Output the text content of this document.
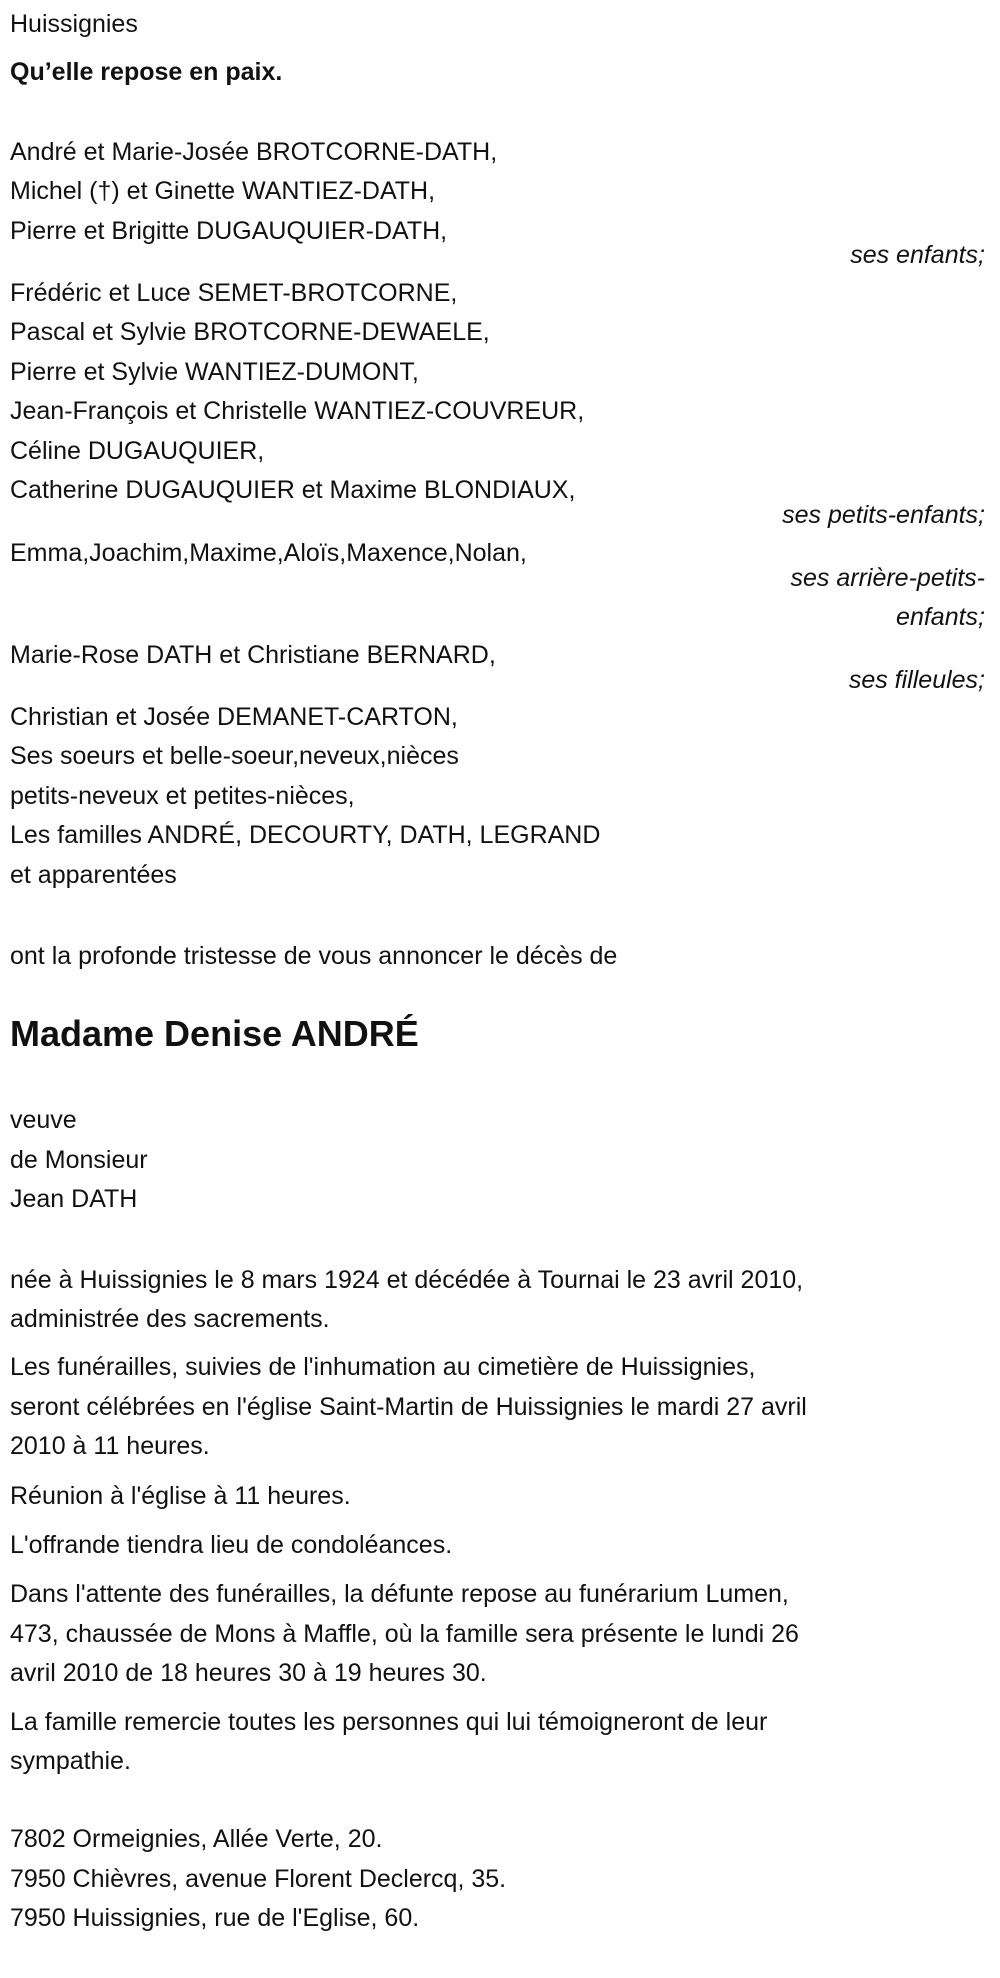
Huissignies
Qu’elle repose en paix.
André et Marie-Josée BROTCORNE-DATH,
Michel (†) et Ginette WANTIEZ-DATH,
Pierre et Brigitte DUGAUQUIER-DATH,
Frédéric et Luce SEMET-BROTCORNE,
Pascal et Sylvie BROTCORNE-DEWAELE,
Pierre et Sylvie WANTIEZ-DUMONT,
Jean-François et Christelle WANTIEZ-COUVREUR,
Céline DUGAUQUIER,
Catherine DUGAUQUIER et Maxime BLONDIAUX,
Emma,Joachim,Maxime,Aloïs,Maxence,Nolan,
Marie-Rose DATH et Christiane BERNARD,
Christian et Josée DEMANET-CARTON,
Ses soeurs et belle-soeur,neveux,nièces
petits-neveux et petites-nièces,
Les familles ANDRÉ, DECOURTY, DATH, LEGRAND
et apparentées
ont la profonde tristesse de vous annoncer le décès de
Madame Denise ANDRÉ
veuve
de Monsieur
Jean DATH
née à Huissignies le 8 mars 1924 et décédée à Tournai le 23 avril 2010,
administrée des sacrements.
Les funérailles, suivies de l'inhumation au cimetière de Huissignies,
seront célébrées en l'église Saint-Martin de Huissignies le mardi 27 avril
2010 à 11 heures.
Réunion à l'église à 11 heures.
L'offrande tiendra lieu de condoléances.
Dans l'attente des funérailles, la défunte repose au funérarium Lumen,
473, chaussée de Mons à Maffle, où la famille sera présente le lundi 26
avril 2010 de 18 heures 30 à 19 heures 30.
La famille remercie toutes les personnes qui lui témoigneront de leur
sympathie.
7802 Ormeignies, Allée Verte, 20.
7950 Chièvres, avenue Florent Declercq, 35.
7950 Huissignies, rue de l'Eglise, 60.
ses enfants;
ses petits-enfants;
ses arrière-petits-
enfants;
ses filleules;
